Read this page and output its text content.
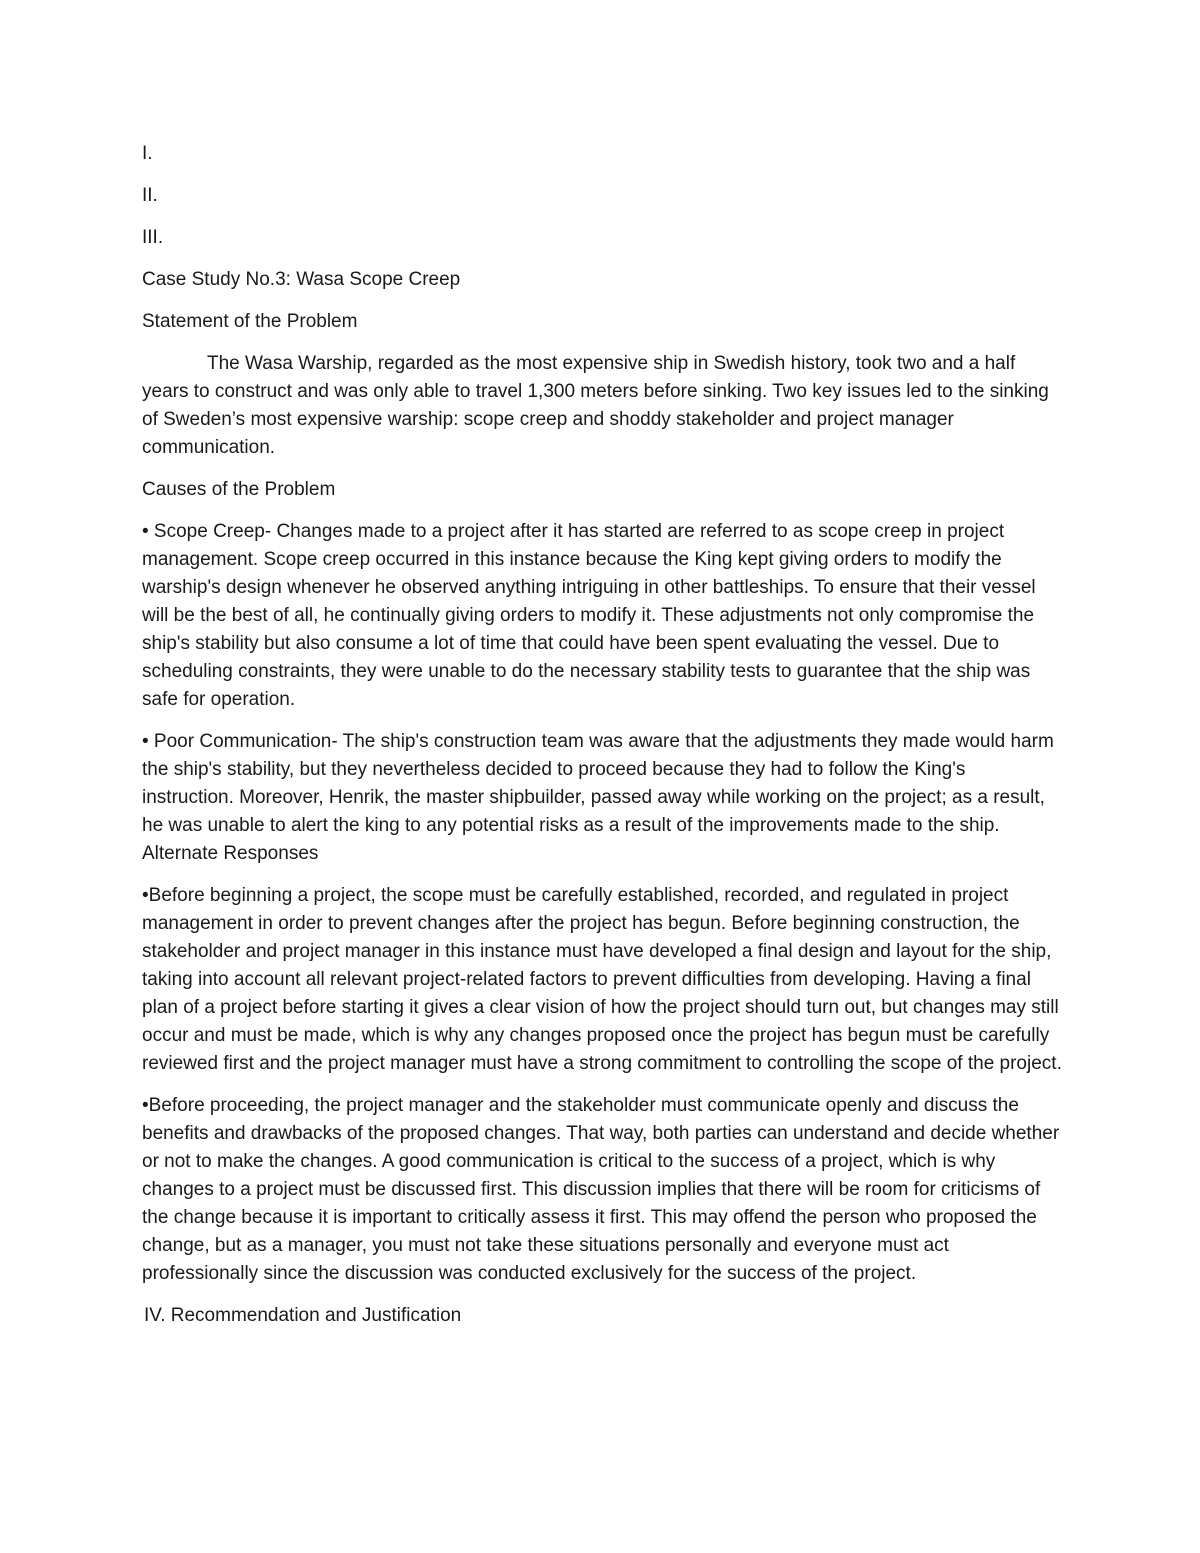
I.

II.

III.

Case Study No.3: Wasa Scope Creep

Statement of the Problem

The Wasa Warship, regarded as the most expensive ship in Swedish history, took two and a half years to construct and was only able to travel 1,300 meters before sinking. Two key issues led to the sinking of Sweden’s most expensive warship: scope creep and shoddy stakeholder and project manager communication.

Causes of the Problem

• Scope Creep- Changes made to a project after it has started are referred to as scope creep in project management. Scope creep occurred in this instance because the King kept giving orders to modify the warship's design whenever he observed anything intriguing in other battleships. To ensure that their vessel will be the best of all, he continually giving orders to modify it. These adjustments not only compromise the ship's stability but also consume a lot of time that could have been spent evaluating the vessel. Due to scheduling constraints, they were unable to do the necessary stability tests to guarantee that the ship was safe for operation.

• Poor Communication- The ship's construction team was aware that the adjustments they made would harm the ship's stability, but they nevertheless decided to proceed because they had to follow the King's instruction. Moreover, Henrik, the master shipbuilder, passed away while working on the project; as a result, he was unable to alert the king to any potential risks as a result of the improvements made to the ship. Alternate Responses

•Before beginning a project, the scope must be carefully established, recorded, and regulated in project management in order to prevent changes after the project has begun. Before beginning construction, the stakeholder and project manager in this instance must have developed a final design and layout for the ship, taking into account all relevant project-related factors to prevent difficulties from developing. Having a final plan of a project before starting it gives a clear vision of how the project should turn out, but changes may still occur and must be made, which is why any changes proposed once the project has begun must be carefully reviewed first and the project manager must have a strong commitment to controlling the scope of the project.

•Before proceeding, the project manager and the stakeholder must communicate openly and discuss the benefits and drawbacks of the proposed changes. That way, both parties can understand and decide whether or not to make the changes. A good communication is critical to the success of a project, which is why changes to a project must be discussed first. This discussion implies that there will be room for criticisms of the change because it is important to critically assess it first. This may offend the person who proposed the change, but as a manager, you must not take these situations personally and everyone must act professionally since the discussion was conducted exclusively for the success of the project.

IV. Recommendation and Justification
